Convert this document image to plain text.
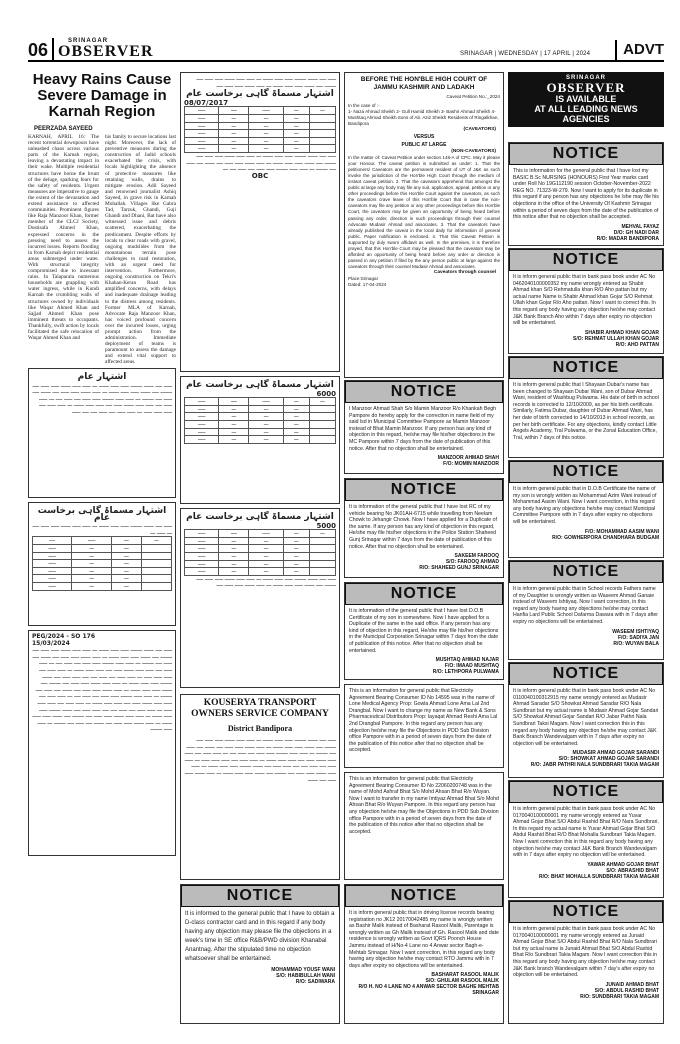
06	SRINAGAR
OBSERVER	SRINAGAR | WEDNESDAY | 17 APRIL | 2024	ADVT
Heavy Rains Cause Severe Damage in Karnah Region
PEERZADA SAYEED
KARNAH, APRIL 16: The recent torrential downpours have unleashed chaos across various parts of the Karnah region, leaving a devastating impact in their wake. Multiple residential structures have borne the brunt of the deluge, sparking fears for the safety of residents. Urgent measures are imperative to gauge the extent of the devastation and extend assistance to affected communities. Prominent figures like Raja Manzoor Khan, former member of the CLCJ Society, Dostisafa Ahmed Khan, expressed concerns in the pressing need to assess the incurred losses. Reports flooding in from Karnah depict residential areas submerged under water. With structural integrity compromised due to incessant rains. In Talaparala numerous households are grappling with water ingress, while in Kundi Karnah the crumbling walls of structures owned by individuals like Waqar Ahmed Khan and Sajjad Ahmed Khan pose imminent threats to occupants. Thankfully, swift action by locals facilitated the safe relocation of Waqar Ahmed Khan and
his family to secure locations last night. Moreover, the lack of preventive measures during the construction of Jadid schools exacerbated the crisis, with locals highlighting the absence of protective measures like retaining walls, drains to mitigate erosion. Adil Sayeed and renowned journalist Ashiq Sayeed, in grave risk in Karnah Mohallah. Villages like Gabra Tad, Tarzuk, Ghandi, Guji Ghandi and Dhani, Bat have also witnessed issue and debris scattered, exacerbating the predicament. Despite efforts by locals to clear roads with gravel, ongoing mudslides from the mountainous terrain pose challenges to road restoration, with an urgent need for intervention. Furthermore, ongoing construction on Tekri's Khahan-Keran Road has amplified concerns, with delays and inadequate drainage leading to the distress among residents. Former MLA of Karnah, Advocate Raja Manzoor Khan, has voiced profound concern over the incurred losses, urging prompt action from the administration. Immediate deployment of teams is paramount to assess the damage and extend vital support to affected areas.
اشتہار عام
ـــــ ــــ ــــــ ـــــــ ـــــ ـــــ ــــــ ـــ ـــــ ـــــ ــــــ ـــــ ـــــ ــــ ـــــــ ــــ ــــــ ـــــ ـــــ ــــــ ـــ ـــــ ــــــ ـــــ ـــــ ــــ ــــــ ــــ ـــــ ــــ ـــــــ ـــ ـــــ ـــــ ـــــــ ـــــ ـــــ ــــ ـــــ ــــ ـــ ـــــ ـــــ ــــ ـــــ ـــــ ــــــ ـــــ ــــ ـــــ ـــــ ــــــ ـــ ـــــ ـــــ ــــ ـــــ ـــــ ـــــ ـــ ـــــ ـــــ ــــ ـــــ ــــ ــــ ـــــ
اشتہار مسماۃ گاہی برخاست عام
ـــــ ــــ ــــــ ـــــــ ـــــ ـــــ ــــــ ـــ ـــــ ـــــ ــــــ ـــــ ـــــ ــــ ـــ ـــــ ـــ
ـــ	ـــ	ـــــ	ــــ
	ـــ	ـــ	ـــــ
	ـــ	ـــ	ـــــ
	ـــ	ـــ	ـــــ
	ـــ	ـــ	ـــــ
	ـــ	ـــ	ـــــ
	ـــ	ـــ	ـــــ
PEG/2024 - SO 176
15/03/2024
ـــــ ــــ ــــــ ـــــــ ـــــ ـــــ ــــــ ـــ ـــــ ـــــ ــــــ ـــــ ـــــ ــــ ـــــــ ــــ ــــــ ـــــ ـــــ ــــــ ـــ ـــــ ــــــ ـــــ ـــــ ــــ ــــــ ــــ ـــــ ــــ ـــــــ ـــ ـــــ ـــــ ـــــــ ـــــ ـــــ ــــ ـــــ ــــ ـــ ـــــ ـــــ ــــ ـــــ ـــــ ــــــ ـــــ ــــ ـــــ ـــــ ــــــ ـــ ـــــ ـــــ ــــ ـــــ ـــــ ـــــ ـــ ـــــ ـــــ ــــ ـــــ ــــ ــــ ـــــ ـــــ ــــ ــــــ ـــــــ ـــــ ـــــ ــــــ ـــ ـــــ ـــــ ــــــ ـــــ ـــــ ــــ ـــــــ ــــ ــــــ ـــــ ـــــ ــــــ ـــ ـــــ ــــــ ـــــ ـــــ ــــ ــــــ ــــ ـــــ ــــ ـــــــ ـــ ـــــ ـــــ ـــــــ ـــــ ـــــ ــــ ـــــ ــــ ـــ ـــــ ـــــ ــــ ـــــ ـــــ ــــــ ـــــ ــــ ـــــ ـــــ ــــــ ـــ ـــــ ـــــ ــــ ـــــ ـــــ ـــــ ـــ ـــــ ـــــ ــــ ـــــ ــــ ــــ ـــــ ـــــ ــــ ــــــ ـــــــ ـــــ ـــــ ــــــ ـــ ـــــ ـــــ ــــــ ـــــ ـــــ ــــ ـــــــ ــــ ــــــ ـــــ ـــــ ــــــ ـــ ـــــ ــــــ ـــــ ـــــ ــــ ــــــ ــــ ـــــ ــــ ـــــــ ـــ ـــــ ـــــ ـــــــ
ـــــ ــــ ــــــ ـــــــ ـــــ ـــــ ــــــ ـــ ـــــ ـــــ ــــــ ـــــ ـــــ ــــ ـــــــ ــــ ــــــ ـــــ ـــــ ــــــ ـــ ـــــ ــــــ ـــــ ـــــ ــــ
اشتہار مسماۃ گاہی برخاست عام
08/07/2017
ـــ	ـــ	ـــــ	ــــ	ـــــ
	ـــ	ـــ	ـــ	ـــــ
	ـــ	ـــ	ـــ	ـــــ
	ـــ	ـــ	ـــ	ـــــ
	ـــ	ـــ	ـــ	ـــــ
	ـــ	ـــ	ـــ	ـــــ
ـــــ ــــ ــــــ ـــــــ ـــــ ـــــ ــــــ ـــ ـــــ ـــــ ــــــ ـــــ ـــــ ــــ ـــــــ ــــ ــــــ ـــــ ـــــ ــــــ ـــ ـــــ ــــــ ـــــ ـــــ ــــ ــــــ ــــ ـــــ ــــ ـــــــ ـــ ـــــ ـــــ ـــــــ ـــــ ـــــ ــــ ـــــ ــــ ـــ
OBC
اشتہار مسماۃ گاہی برخاست عام
6000
ـــ	ـــ	ـــــ	ــــ	ـــــ
	ـــ	ـــ	ـــ	ـــــ
	ـــ	ـــ	ـــ	ـــــ
	ـــ	ـــ	ـــ	ـــــ
	ـــ	ـــ	ـــ	ـــــ
	ـــ	ـــ	ـــ	ـــــ
اشتہار مسماۃ گاہی برخاست عام
5000
ـــ	ـــ	ـــــ	ــــ	ـــــ
	ـــ	ـــ	ـــ	ـــــ
	ـــ	ـــ	ـــ	ـــــ
	ـــ	ـــ	ـــ	ـــــ
	ـــ	ـــ	ـــ	ـــــ
	ـــ	ـــ	ـــ	ـــــ
ـــــ ــــ ــــــ ـــــــ ـــــ ـــــ ــــــ ـــ ـــــ ـــــ ــــــ ـــــ ـــــ ــــ ـــــــ ــــ ــــــ ـــــ ـــــ ــــــ ـــ ـــــ ــــــ ـــــ ـــــ ــــ
KOUSERYA TRANSPORT OWNERS SERVICE COMPANY
District Bandipora
ـــــ ــــ ــــــ ـــــــ ـــــ ـــــ ــــــ ـــ ـــــ ـــــ ــــــ ـــــ ـــــ ــــ ـــــــ ــــ ــــــ ـــــ ـــــ ــــــ ـــ ـــــ ــــــ ـــــ ـــــ ــــ ــــــ ــــ ـــــ ــــ ـــــــ ـــ ـــــ ـــــ ـــــــ ـــــ ـــــ ــــ ـــــ ــــ ـــ ـــــ ـــــ ــــ ـــــ ـــــ ــــــ ـــــ ــــ ـــــ ـــــ ــــــ ـــ ـــــ ـــــ ــــ ـــــ ـــــ ـــــ ـــ ـــــ ـــــ ــــ ـــــ ــــ ــــ ـــــ ـــــ ــــ ــــــ ـــــــ ـــــ ـــــ ــــــ ـــ ـــــ ـــــ ــــــ ـــــ ـــــ ــــ ـــــــ ــــ ــــــ ـــــ ـــــ ــــــ ـــ ـــــ ــــــ ـــــ ـــــ ــــ ــــــ
NOTICE
It is informed to the general public that I have to obtain a D-class contractor card and in this regard if any body having any objection may please file the objections in a week's time in SE office R&B/PWD division Khanabal Anantnag. After the stipulated time no objection whatsoever shall be entertained.
MOHAMMAD YOUSF WANI
S/O: HABIBULLAH WANI
R/O: SADIWARA
BEFORE THE HON'BLE HIGH COURT OF JAMMU KASHMIR AND LADAKH
Caveat Petition No.:_2024
In the case of :-
1- Naza Ahmad Sheikh 2- Gull Hamid Sheikh 3- Bashir Ahmad Sheikh 4- Mushtaq Ahmad Sheikh Sons of Ab. Aziz Sheikh Residents of Ringalkhan, Bandipora
(CAVEATORS)
VERSUS
PUBLIC AT LARGE
(NON-CAVEATORS)
In the matter of: Caveat Petition under section 148-A of CPC. May it please your Honour. The caveat petition is submitted as under: 1. That the petitioners/ Caveators are the permanent resident of UT of J&K as such invoke the jurisdiction of the Hon'ble High Court through the medium of instant caveat petition. 2. That the caveators apprehend that amongst the public at large any body may file any suit, application, appeal, petition or any other proceedings before this Hon'ble Court against the caveators, as such the caveators crave leave of this Hon'ble Court that in case the non-caveators may file any petition or any other proceedings before this Hon'ble Court, the caveators may be given an opportunity of being heard before passing any order, direction in such proceedings through their counsel Advocate Mudasir Ahmad and associates. 3. That the caveators have already published the caveat in the local daily for information of general public. Paper notification is enclosed. 4. That this Caveat Petition is supported by duly sworn affidavit as well. In the premises, it is therefore prayed, that this Hon'ble Court may be pleased that the caveators may be afforded an opportunity of being heard before any order or direction is passed in any petition if filed by the any person public at large against the caveators through their counsel Mudasir Ahmad and associates.
Caveators through counsel
Place:Srinagar
Dated: 17-04-2024
NOTICE
I Manzoor Ahmad Shah S/o Mamin Manzoor R/o Khankah Begh Pampore do hereby apply for the correction in name field of my said lsd in Municipal Committee Pampore as Mamin Manzoor instead of Bhat Mamin Manzoor. If any person has any kind of objection in this regard, he/she may file his/her objections in the MC Pampore within 7 days from the date of publication of this notice. After that no objection shall be entertained.
MANZOOR AHMAD SHAH
F/O: MOMIN MANZOOR
NOTICE
It is information of the general public that I have lost RC of my vehicle bearing No JK01AH-6715 while travelling from Neelam Chowk to Jehangir Chowk. Now I have applied for a Duplicate of the same. If any person has any kind of objection in this regard, He/she may file his/her objections in the Police Station Shaheed Gunj Srinagar within 7 days from the date of publication of this notice. After that no objection shall be entertained.
SAKEEM FAROOQ
S/O: FAROOQ AHMAD
R/O: SHAHEED GUNJ SRINAGAR
NOTICE
It is information of the general public that I have lost D.O.B Certificate of my son in somewhere. Now I have applied for a Duplicate of the same in the said office. If any person has any kind of objection in this regard, He/she may file his/her objections in the Municipal Corporation Srinagar within 7 days from the date of publication of this notice. After that no objection shall be entertained.
MUSHTAQ AHMAD NAJAR
F/O: IMAAD MUSHTAQ
R/O: LETHPORA PULWAMA
This is an information for general public that Electricity Agreement Bearing Consumer ID No 14595 was in the name of Lone Medical Agency Prop: Gowla Ahmad Lone Ama Lal 2nd Drangbal. Now I want to change my name as New Bank & Sons Pharmaceutical Distributors Prop: Iayaqat Ahmad Reshi Ama Lal 2nd Drangbal Pampore. In this regard any person has any objection he/she may file the Objections in PDD Sub Division office Pampore with in a period of seven days from the date of the publication of this notice after that no objection shall be accepted.
This is an information for general public that Electricity Agreement Bearing Consumer ID No 22060200748 was in the name of Mohd Ashraf Bhat S/o Mohd Ahsan Bhat R/o Wuyan. Now I want to transfer in my name Imtiyaz Ahmad Bhat S/o Mohd Ahsan Bhat R/o Wuyan Pampore. In this regard any person has any objection he/she may file the Objections in PDD Sub Division office Pampore with in a period of seven days from the date of the publication of this notice after that no objection shall be accepted.
NOTICE
It is inform general public that in driving license records bearing registration no JK12 20170042485 my name is wrongly written as Bashir Malik instead of Basharat Rasool Malik, Parentage is wrongly written as Gh Malik instead of Gh. Rasool Malik and date residence is wrongly written as Govt IQRS Poonch House Jammu instead of H/No-4 Lane no 4 Anwar sector Bagh-e-Mehtab Srinagar. Now I want correction, in this regard any body having any objection he/she may contact RTO Jammu with in 7 days after expiry no objections will be entertained.
BASHARAT RASOOL MALIK
S/O: GHULAM RASOOL MALIK
R/O H. NO 4 LANE NO 4 ANWAR SECTOR BAGHE MEHTAB SRINAGAR
SRINAGAR
OBSERVER
IS AVAILABLE
AT ALL LEADING NEWS
AGENCIES
NOTICE
This is information for the general public that I have lost my BASIC B.Sc NURSING (HONOURS) First Year marks card under Roll No 19G112190 session October-November-2022 REG NO. 71323-W-279. Now I want to apply for its duplicate in this regard if any person has any objections he /she may file his objections in the office of the University Of Kashmir Srinagar within a period of seven days from the date of the publication of this notice after that no objection shall be accepted.
MEHVAL FAYAZ
D/O: GH NADI DAR
R/O: MADAR BANDIPORA
NOTICE
It is inform general public that in bank pass book under AC No 0462040100000352 my name wrongly entered as Shabir Ahmad khan S/O Rehmatulla khan R/O Aho pattan but my actual name Name is Shabir Ahmad khan Gojar S/O Rehmat Ullah khan Gojar R/o Aho pattan. Now I want to correct this. In this regard any body having any objection he/she may contact J&K Bank Branch Aho within 7 days after expiry no objection will be entertained.
SHABIR AHMAD KHAN GOJAR
S/O: REHMAT ULLAH KHAN GOJAR
R/O: AHO PATTAN
NOTICE
It is inform general public that I Shayaan Dubar's name has been changed to Shayaan Dubar Wani, son of Dubar Ahmad Wani, resident of Washbug Pulwama. His date of birth in school records is corrected to 12/10/2009, as per his birth certificate. Similarly, Fatima Dubar, daughter of Dubar Ahmad Wani, has her date of birth corrected to 14/10/2013 in school records, as per her birth certificate. For any objections, kindly contact Little Angels Academy, Tral Pulwama, or the Zonal Education Office, Tral, within 7 days of this notice.
NOTICE
It is inform general public that in D.O.B Certificate the name of my son is wrongly written as Mohammad Azim Wani instead of Mohammad Aasim Wani. Now I want correction, in this regard any body having any objections he/she may contact Municipal Committee Pampore with in 7 days after expiry no objections will be entertained.
F/O: MOHAMMAD AASIM WANI
R/O: GOWHERPORA CHANDHARA BUDGAM
NOTICE
It is inform general public that in School records Fathers name of my Daughter is wrongly written as Waseem Ahmad Ganaie instead of Waseem Ishtiyaq. Now I want correction, in this regard any body having any objections he/she may contact Hanfia Lard Public School Dafarma Dawara with in 7 days after expiry no objections will be entertained.
WASEEM ISHTIYAQ
F/O: SADIYA JAN
R/O: WUYAN BALA
NOTICE
It is inform general public that in bank pass book under AC No 0110040100312915 my name wrongly entered as Mudasir Ahmad Saradar S/O Showkat Ahmad Saradar R/O Nala Sundbrari but my actual name is Mudasir Ahmad Gojar Sandari S/O Showkat Ahmad Gojar Sandari R/O Jabar Pathri Nala Sundbrari Taksi Magam. Now I want correction this in this regard any body having any objection he/she may contact J&K Bank Branch Wandevalgam with in 7 days after expiry no objection will be entertained.
MUDASIR AHMAD GOJAR SARANDI
S/O: SHOWKAT AHMAD GOJAR SARANDI
R/O: JABR PATHRI NALA SUNDBRARI TAKIA MAGAM
NOTICE
It is inform general public that in bank pass book under AC No 0170040100000001 my name wrongly entered as Yuvar Ahmad Gojar Bhat S/O Abdul Rashid Bhat R/O Nara Sundbrari. In this regard my actual name is Yuvar Ahmad Gojar Bhat S/O Abdul Rashid Bhat R/O Bhat Mohalla Sundbrari Takia Magam. Now I want correction this in this regard any body having any objection he/she may contact J&K Bank Branch Wandevalgam with in 7 days after expiry no objection will be entertained.
YAWAR AHMAD GOJAR BHAT
S/O: ABRASHID BHAT
R/O: BHAT MOHALLA SUNDBRARI TAKIA MAGAM
NOTICE
It is inform general public that in bank pass book under AC No 0170040100000001 my name wrongly entered as Junaid Ahmad Gojar Bhat S/O Abdul Rashid Bhat R/O Nala Sundbrari but my actual name is Junaid Ahmad Bhat S/O Abdul Rashid Bhat R/o Sundbrari Takia Magam. Now I want correction this in this regard any body having any objection he/she may contact J&K Bank branch Wandevalgam within 7 day's after expiry no objection will be entertained.
JUNAID AHMAD BHAT
S/O: ABDUL RASHID BHAT
R/O: SUNDBRARI TAKIA MAGAM
